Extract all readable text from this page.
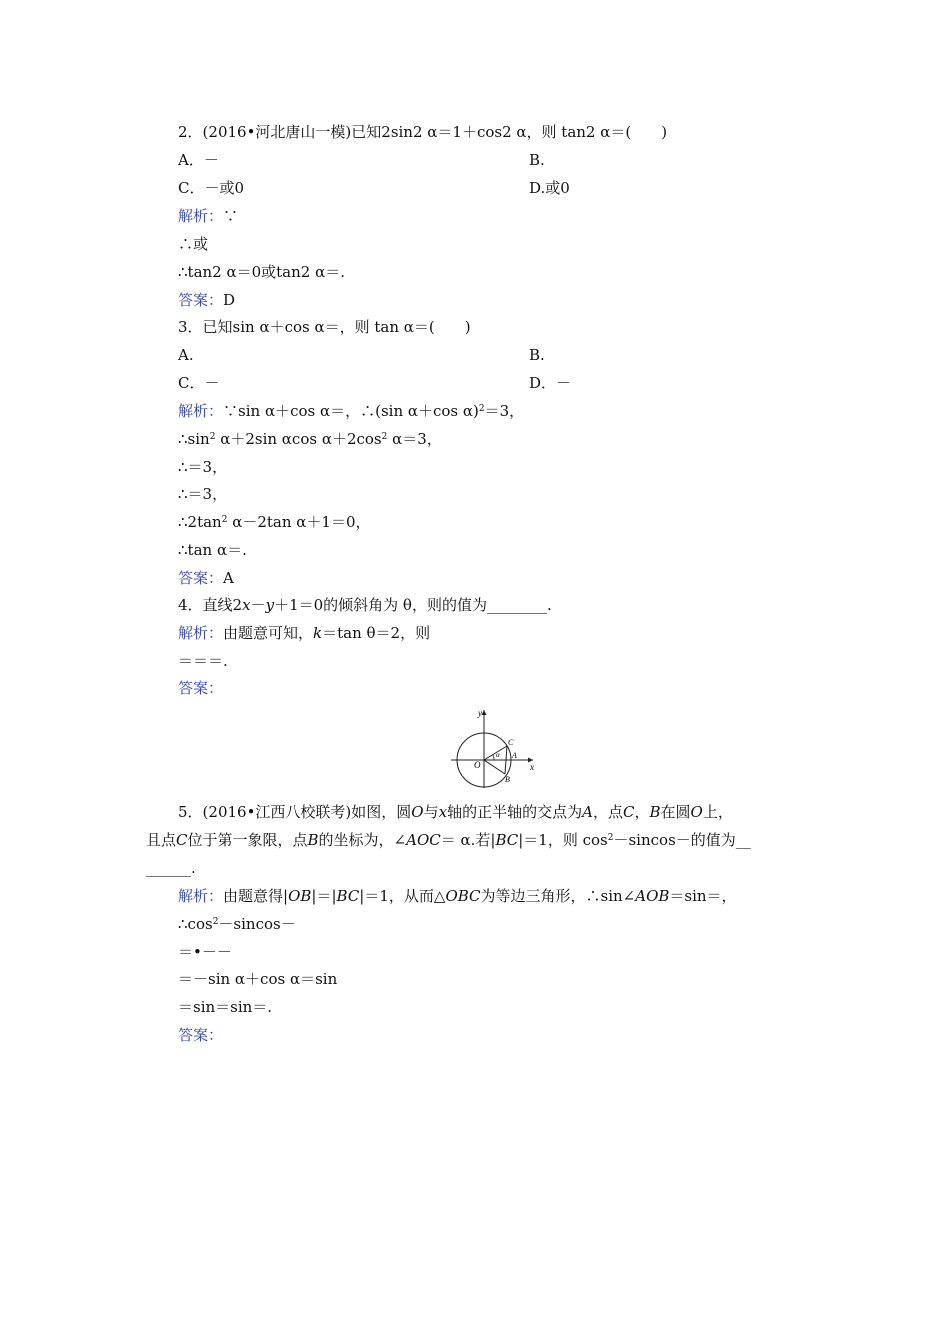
2．(2016•河北唐山一模)已知2sin2 α＝1＋cos2 α，则 tan2 α＝(　　)
A．－	B.
C．－或0	D.或0
解析：∵
∴或
∴tan2 α＝0或tan2 α＝.
答案：D
3．已知sin α＋cos α＝，则 tan α＝(　　)
A.	B.
C．－	D．－
解析：∵sin α＋cos α＝，∴(sin α＋cos α)$^2$＝3，
$\therefore\sin^2$ α＋2sin αcos $\alpha+2\cos^2$ α＝3，
∴＝3，
∴＝3，
$\therefore 2\tan^2$ α－2tan α＋1＝0，
∴tan α＝.
答案：A
4．直线2x－y＋1＝0的倾斜角为 θ，则的值为________.
解析：由题意可知，k＝tan θ＝2，则
＝＝＝.
答案：
y
x
O
A
B
C
α
5．(2016•江西八校联考)如图，圆O与x轴的正半轴的交点为A，点C，B在圆O上，
且点C位于第一象限，点B的坐标为，∠AOC＝ α.若|BC|＝1，则 $\cos^2-sincos-$的值为__
______.
解析：由题意得|OB|＝|BC|＝1，从而△OBC为等边三角形，∴sin∠AOB＝sin＝，
$\therefore\cos^2-sincos-$
＝•－－
＝－sin α＋cos α＝sin
＝sin＝sin＝.
答案：
